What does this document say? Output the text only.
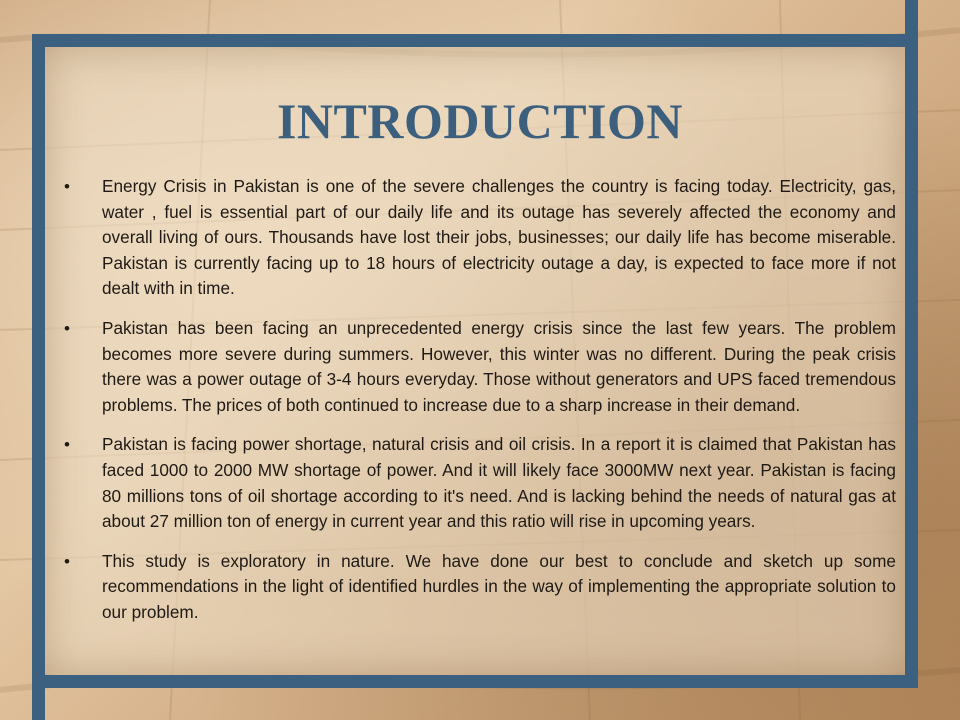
INTRODUCTION
•	Energy Crisis in Pakistan is one of the severe challenges the country is facing today. Electricity, gas, water , fuel is essential part of our daily life and its outage has severely affected the economy and overall living of ours. Thousands have lost their jobs, businesses; our daily life has become miserable. Pakistan is currently facing up to 18 hours of electricity outage a day, is expected to face more if not dealt with in time.
•	Pakistan has been facing an unprecedented energy crisis since the last few years. The problem becomes more severe during summers. However, this winter was no different. During the peak crisis there was a power outage of 3-4 hours everyday. Those without generators and UPS faced tremendous problems. The prices of both continued to increase due to a sharp increase in their demand.
•	Pakistan is facing power shortage, natural crisis and oil crisis. In a report it is claimed that Pakistan has faced 1000 to 2000 MW shortage of power. And it will likely face 3000MW next year. Pakistan is facing 80 millions tons of oil shortage according to it's need. And is lacking behind the needs of natural gas at about 27 million ton of energy in current year and this ratio will rise in upcoming years.
•	This study is exploratory in nature. We have done our best to conclude and sketch up some recommendations in the light of identified hurdles in the way of implementing the appropriate solution to our problem.
